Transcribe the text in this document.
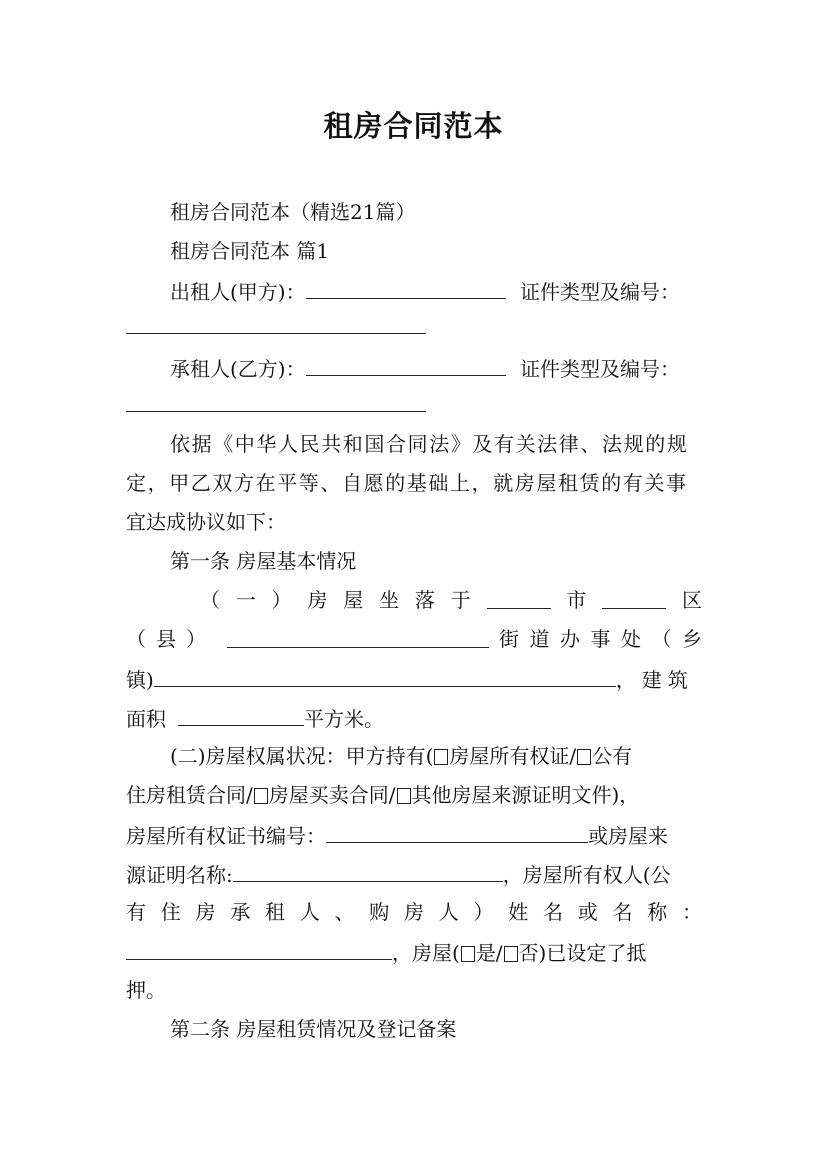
租房合同范本
租房合同范本（精选21篇）
租房合同范本 篇1
出租人(甲方)：	证件类型及编号：
承租人(乙方)：	证件类型及编号：
依据《中华人民共和国合同法》及有关法律、法规的规
定，甲乙双方在平等、自愿的基础上，就房屋租赁的有关事
宜达成协议如下：
第一条 房屋基本情况
（ 一 ） 房 屋 坐 落 于	市	区
（县）	街 道 办 事 处 （ 乡
镇)	，建筑
面积	平方米。
(二)房屋权属状况：甲方持有( 房屋所有权证/ 公有
住房租赁合同/ 房屋买卖合同/ 其他房屋来源证明文件)，
房屋所有权证书编号：	或房屋来
源证明名称:	，房屋所有权人(公
有 住 房 承 租 人 、 购 房 人 ） 姓 名 或 名 称 ：
，房屋( 是/ 否)已设定了抵
押。
第二条 房屋租赁情况及登记备案
